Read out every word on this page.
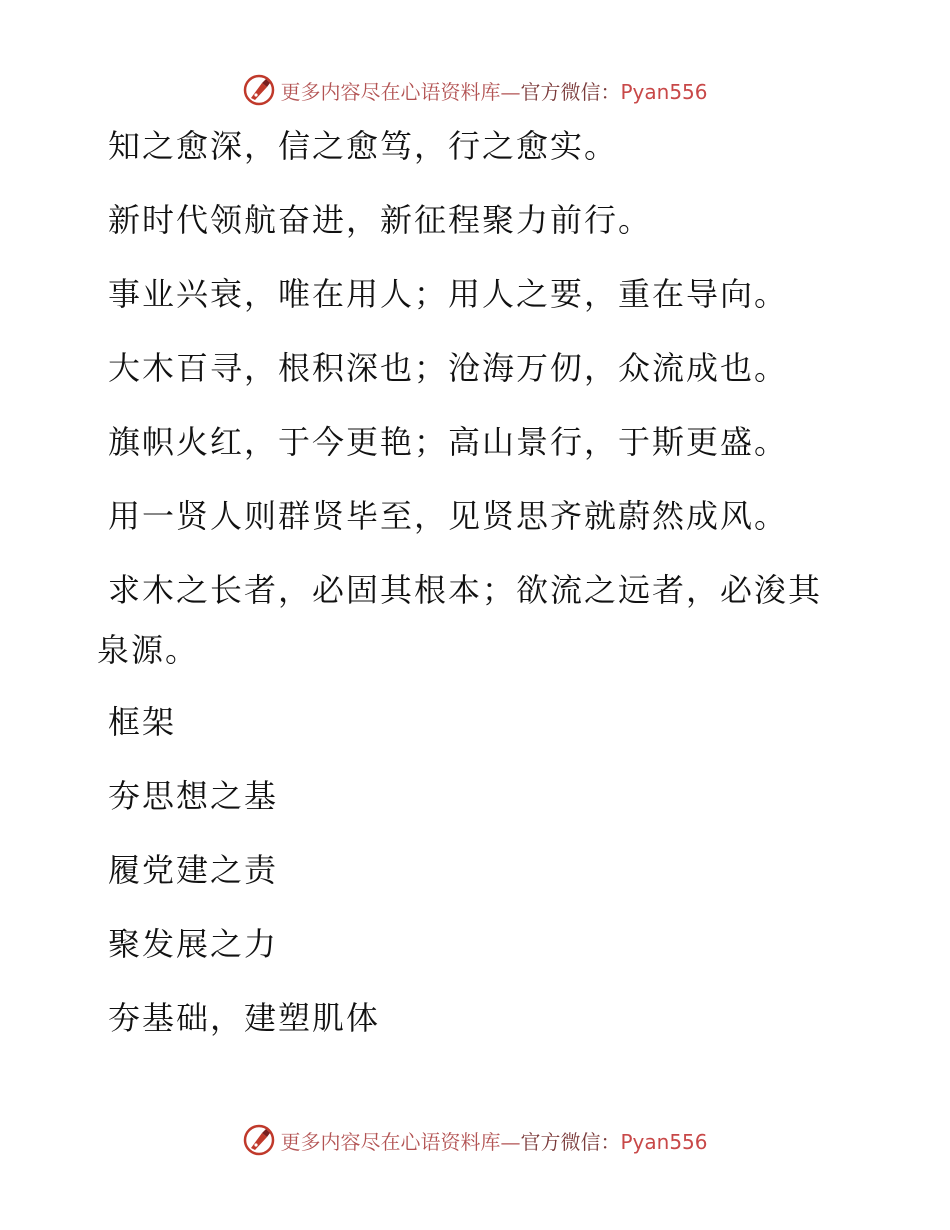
更多内容尽在心语资料库—官方微信：Pyan556
知之愈深，信之愈笃，行之愈实。
新时代领航奋进，新征程聚力前行。
事业兴衰，唯在用人；用人之要，重在导向。
大木百寻，根积深也；沧海万仞，众流成也。
旗帜火红，于今更艳；高山景行，于斯更盛。
用一贤人则群贤毕至，见贤思齐就蔚然成风。
求木之长者，必固其根本；欲流之远者，必浚其
泉源。
框架
夯思想之基
履党建之责
聚发展之力
夯基础，建塑肌体
更多内容尽在心语资料库—官方微信：Pyan556
